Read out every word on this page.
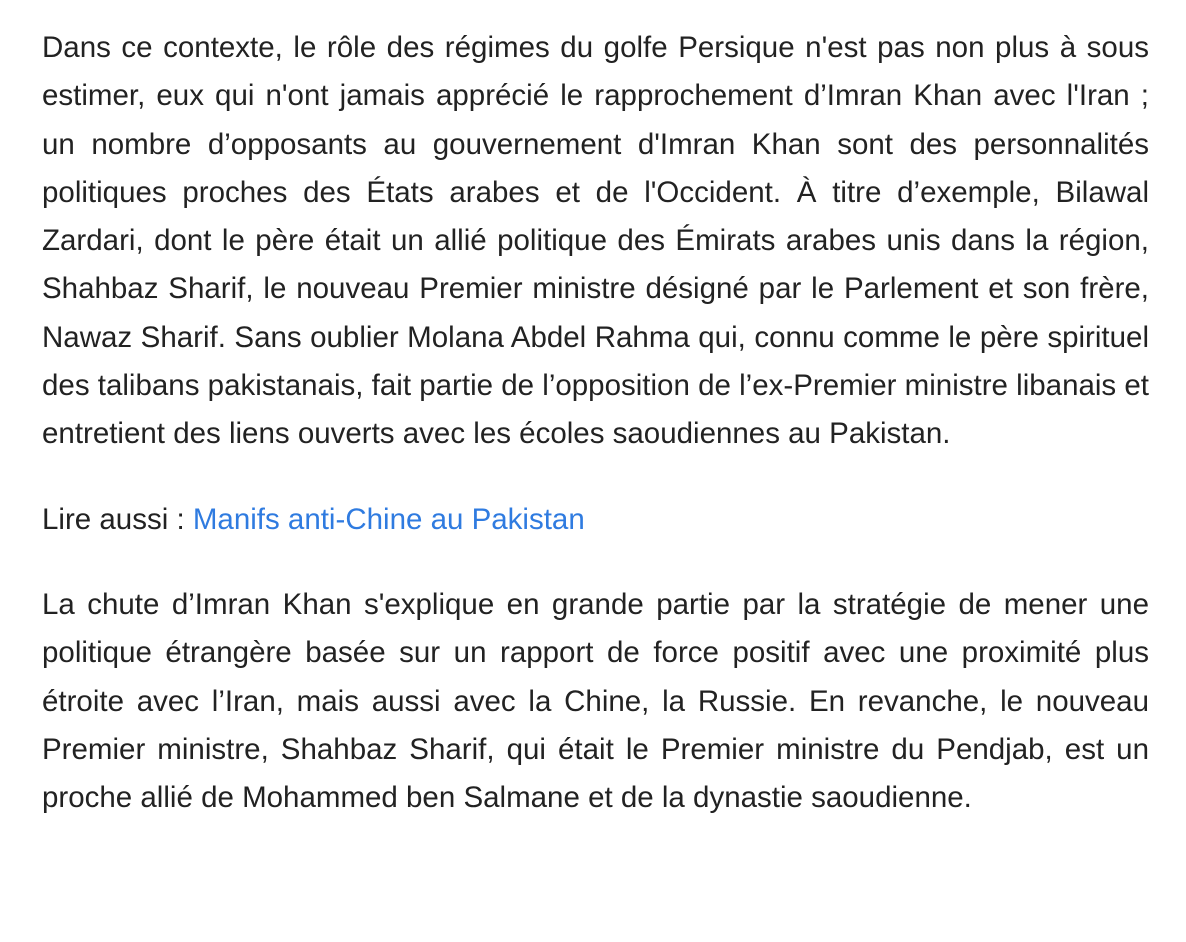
Dans ce contexte, le rôle des régimes du golfe Persique n'est pas non plus à sous estimer, eux qui n'ont jamais apprécié le rapprochement d’Imran Khan avec l'Iran ; un nombre d’opposants au gouvernement d'Imran Khan sont des personnalités politiques proches des États arabes et de l'Occident. À titre d’exemple, Bilawal Zardari, dont le père était un allié politique des Émirats arabes unis dans la région, Shahbaz Sharif, le nouveau Premier ministre désigné par le Parlement et son frère, Nawaz Sharif. Sans oublier Molana Abdel Rahma qui, connu comme le père spirituel des talibans pakistanais, fait partie de l’opposition de l’ex-Premier ministre libanais et entretient des liens ouverts avec les écoles saoudiennes au Pakistan.

Lire aussi : Manifs anti-Chine au Pakistan

La chute d’Imran Khan s'explique en grande partie par la stratégie de mener une politique étrangère basée sur un rapport de force positif avec une proximité plus étroite avec l’Iran, mais aussi avec la Chine, la Russie. En revanche, le nouveau Premier ministre, Shahbaz Sharif, qui était le Premier ministre du Pendjab, est un proche allié de Mohammed ben Salmane et de la dynastie saoudienne.
